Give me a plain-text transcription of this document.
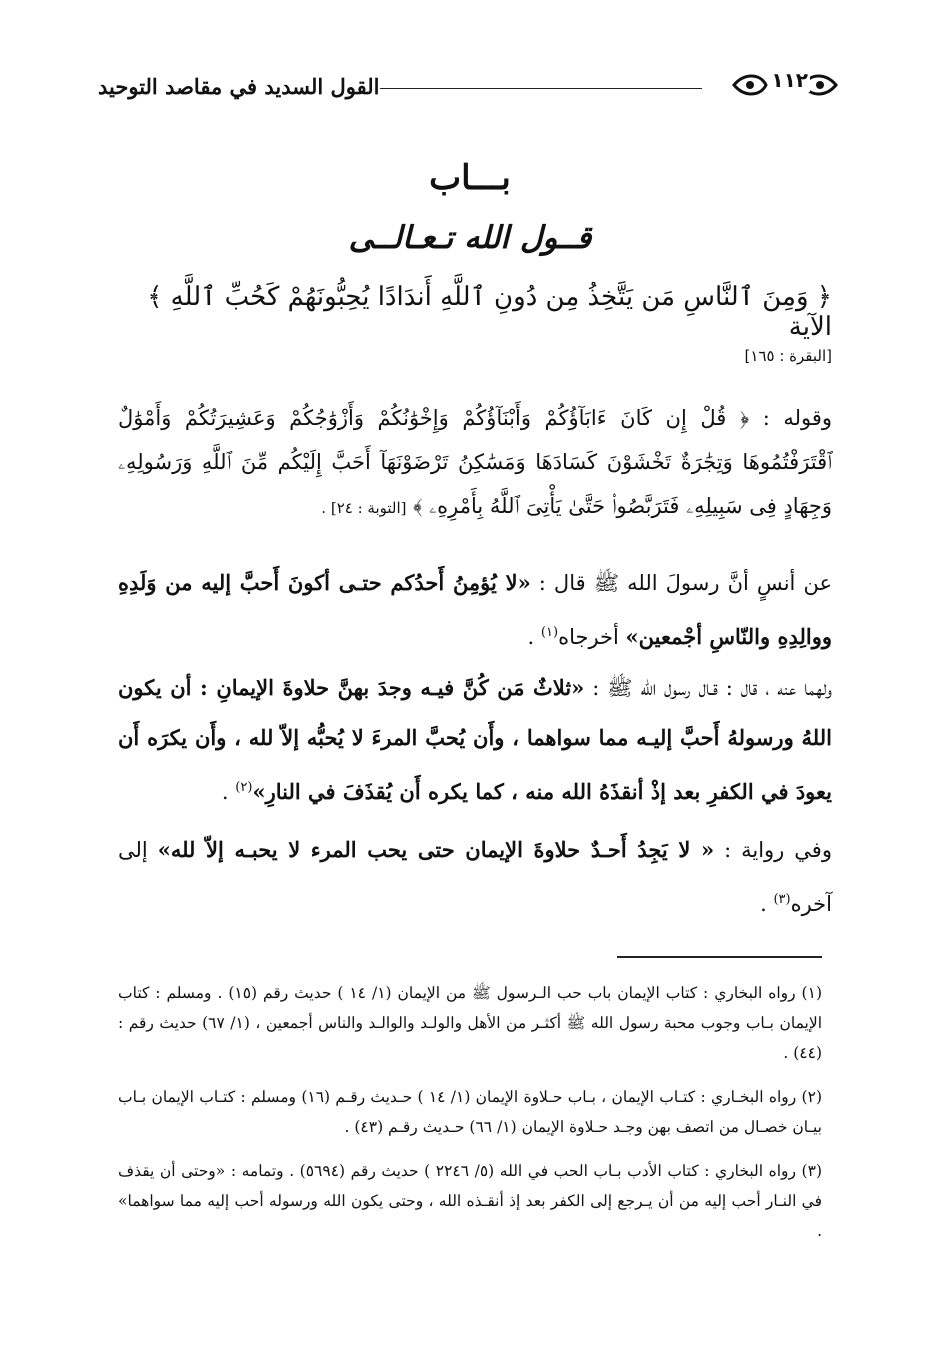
١١٢
القول السديد في مقاصد التوحيد
بـــاب
قــول الله تـعـالــى
﴿ وَمِنَ ٱلنَّاسِ مَن يَتَّخِذُ مِن دُونِ ٱللَّهِ أَندَادًا يُحِبُّونَهُمْ كَحُبِّ ٱللَّهِ ﴾ الآية
[البقرة : ١٦٥]
وقوله : ﴿ قُلْ إِن كَانَ ءَابَآؤُكُمْ وَأَبْنَآؤُكُمْ وَإِخْوَٰنُكُمْ وَأَزْوَٰجُكُمْ وَعَشِيرَتُكُمْ وَأَمْوَٰلٌ ٱقْتَرَفْتُمُوهَا وَتِجَٰرَةٌ تَخْشَوْنَ كَسَادَهَا وَمَسَٰكِنُ تَرْضَوْنَهَآ أَحَبَّ إِلَيْكُم مِّنَ ٱللَّهِ وَرَسُولِهِۦ وَجِهَادٍ فِى سَبِيلِهِۦ فَتَرَبَّصُوا۟ حَتَّىٰ يَأْتِىَ ٱللَّهُ بِأَمْرِهِۦ ﴾ [التوبة : ٢٤] .
عن أنسٍ أنَّ رسولَ الله ﷺ قال : «لا يُؤمِنُ أَحدُكم حتـى أكونَ أَحبَّ إليه من وَلَدِهِ ووالِدِهِ والنّاسِ أجْمعين» أخرجاه$^{(١)}$ .
ولهما عنه ، قال : قـال رسول الله ﷺ : «ثلاثٌ مَن كُنَّ فيـه وجدَ بهنَّ حلاوةَ الإيمانِ : أن يكون اللهُ ورسولهُ أَحبَّ إليـه مما سواهما ، وأَن يُحبَّ المرءَ لا يُحبُّه إلاّ لله ، وأَن يكرَه أَن يعودَ في الكفرِ بعد إذْ أنقذَهُ الله منه ، كما يكره أَن يُقذَفَ في النارِ»$^{(٢)}$ .
وفي رواية : « لا يَجِدُ أَحـدٌ حلاوةَ الإيمان حتى يحب المرء لا يحبـه إلاّ لله» إلى آخره$^{(٣)}$ .
(١) رواه البخاري : كتاب الإيمان باب حب الـرسول ﷺ من الإيمان (١/ ١٤ ) حديث رقم (١٥) . ومسلم : كتاب الإيمان بـاب وجوب محبة رسول الله ﷺ أكثـر من الأهل والولـد والوالـد والناس أجمعين ، (١/ ٦٧) حديث رقم : (٤٤) .
(٢) رواه البخـاري : كتـاب الإيمان ، بـاب حـلاوة الإيمان (١/ ١٤ ) حـديث رقـم (١٦) ومسلم : كتـاب الإيمان بـاب بيـان خصـال من اتصف بهن وجـد حـلاوة الإيمان (١/ ٦٦) حـديث رقـم (٤٣) .
(٣) رواه البخاري : كتاب الأدب بـاب الحب في الله (٥/ ٢٢٤٦ ) حديث رقم (٥٦٩٤) . وتمامه : «وحتى أن يقذف في النـار أحب إليه من أن يـرجع إلى الكفر بعد إذ أنقـذه الله ، وحتى يكون الله ورسوله أحب إليه مما سواهما» .
